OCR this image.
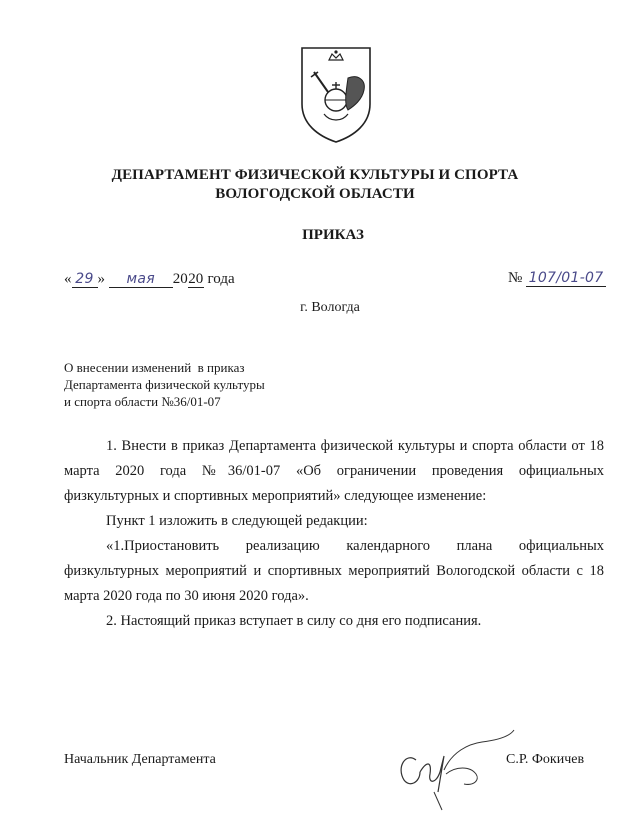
ДЕПАРТАМЕНТ ФИЗИЧЕСКОЙ КУЛЬТУРЫ И СПОРТА
ВОЛОГОДСКОЙ ОБЛАСТИ
ПРИКАЗ
« 29 » мая 2020 года	№ 107/01-07
г. Вологда
О внесении изменений  в приказ
Департамента физической культуры
и спорта области №36/01-07

1. Внести в приказ Департамента физической культуры и спорта области от 18 марта 2020 года №36/01-07 «Об ограничении проведения официальных физкультурных и спортивных мероприятий» следующее изменение:

Пункт 1 изложить в следующей редакции:

«1.Приостановить реализацию календарного плана официальных физкультурных мероприятий и спортивных мероприятий Вологодской области с 18 марта 2020 года по 30 июня 2020 года».

2. Настоящий приказ вступает в силу со дня его подписания.

Начальник Департамента	С.Р. Фокичев
